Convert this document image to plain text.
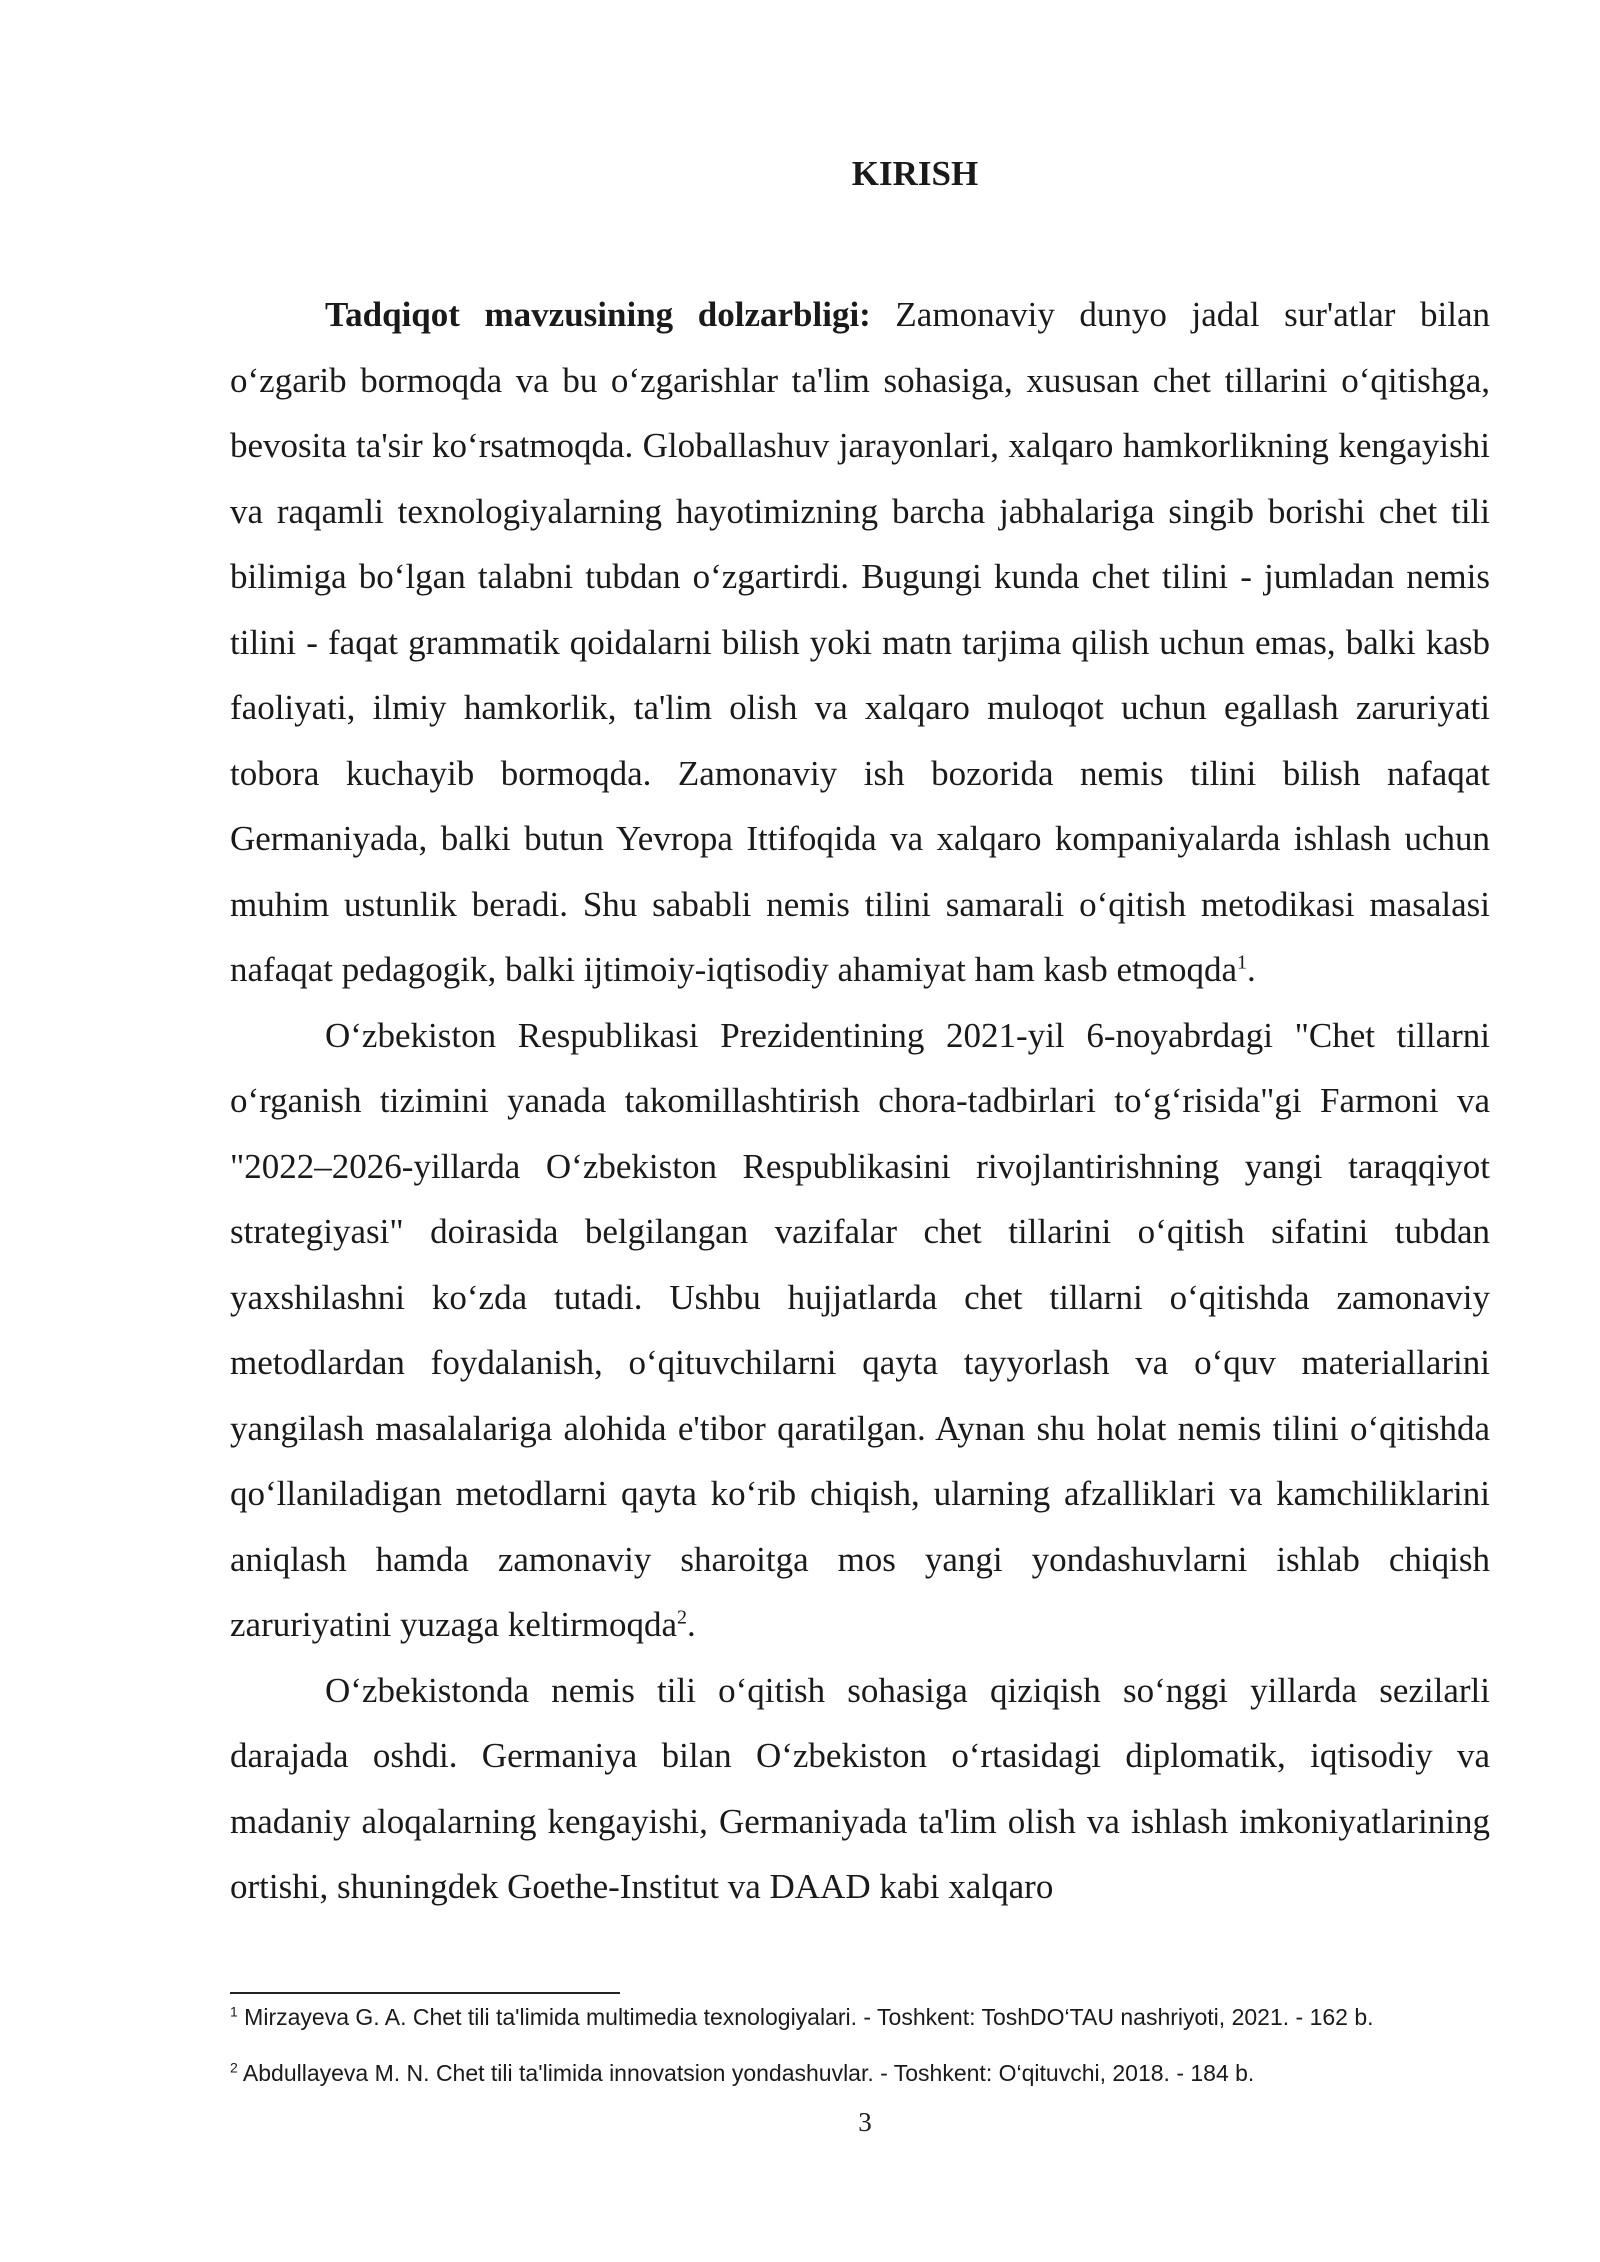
KIRISH

Tadqiqot mavzusining dolzarbligi: Zamonaviy dunyo jadal sur'atlar bilan o‘zgarib bormoqda va bu o‘zgarishlar ta'lim sohasiga, xususan chet tillarini o‘qitishga, bevosita ta'sir ko‘rsatmoqda. Globallashuv jarayonlari, xalqaro hamkorlikning kengayishi va raqamli texnologiyalarning hayotimizning barcha jabhalariga singib borishi chet tili bilimiga bo‘lgan talabni tubdan o‘zgartirdi. Bugungi kunda chet tilini - jumladan nemis tilini - faqat grammatik qoidalarni bilish yoki matn tarjima qilish uchun emas, balki kasb faoliyati, ilmiy hamkorlik, ta'lim olish va xalqaro muloqot uchun egallash zaruriyati tobora kuchayib bormoqda. Zamonaviy ish bozorida nemis tilini bilish nafaqat Germaniyada, balki butun Yevropa Ittifoqida va xalqaro kompaniyalarda ishlash uchun muhim ustunlik beradi. Shu sababli nemis tilini samarali o‘qitish metodikasi masalasi nafaqat pedagogik, balki ijtimoiy-iqtisodiy ahamiyat ham kasb etmoqda$^1$.

O‘zbekiston Respublikasi Prezidentining 2021-yil 6-noyabrdagi "Chet tillarni o‘rganish tizimini yanada takomillashtirish chora-tadbirlari to‘g‘risida"gi Farmoni va "2022–2026-yillarda O‘zbekiston Respublikasini rivojlantirishning yangi taraqqiyot strategiyasi" doirasida belgilangan vazifalar chet tillarini o‘qitish sifatini tubdan yaxshilashni ko‘zda tutadi. Ushbu hujjatlarda chet tillarni o‘qitishda zamonaviy metodlardan foydalanish, o‘qituvchilarni qayta tayyorlash va o‘quv materiallarini yangilash masalalariga alohida e'tibor qaratilgan. Aynan shu holat nemis tilini o‘qitishda qo‘llaniladigan metodlarni qayta ko‘rib chiqish, ularning afzalliklari va kamchiliklarini aniqlash hamda zamonaviy sharoitga mos yangi yondashuvlarni ishlab chiqish zaruriyatini yuzaga keltirmoqda$^2$.

O‘zbekistonda nemis tili o‘qitish sohasiga qiziqish so‘nggi yillarda sezilarli darajada oshdi. Germaniya bilan O‘zbekiston o‘rtasidagi diplomatik, iqtisodiy va madaniy aloqalarning kengayishi, Germaniyada ta'lim olish va ishlash imkoniyatlarining ortishi, shuningdek Goethe-Institut va DAAD kabi xalqaro

$^1$ Mirzayeva G. A. Chet tili ta'limida multimedia texnologiyalari. - Toshkent: ToshDO‘TAU nashriyoti, 2021. - 162 b.

$^2$ Abdullayeva M. N. Chet tili ta'limida innovatsion yondashuvlar. - Toshkent: O‘qituvchi, 2018. - 184 b.

3
